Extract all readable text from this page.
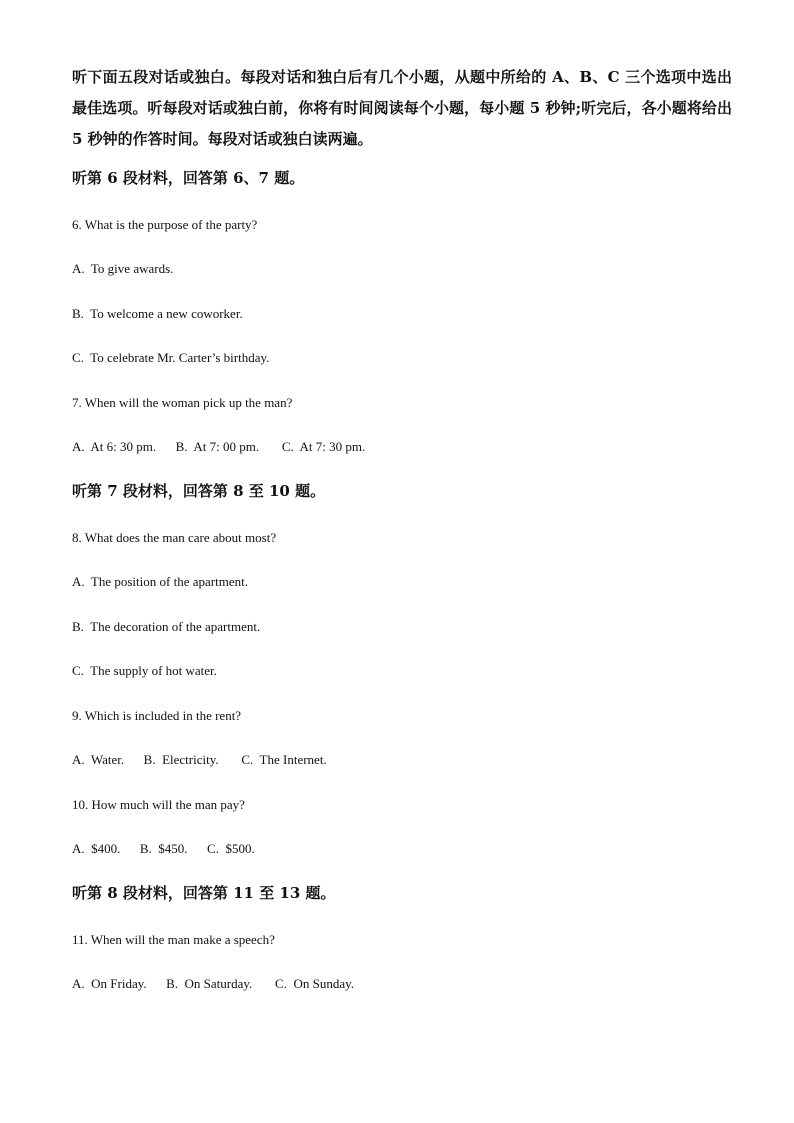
听下面五段对话或独白。每段对话和独白后有几个小题，从题中所给的 A、B、C 三个选项中选出最佳选项。听每段对话或独白前，你将有时间阅读每个小题，每小题 5 秒钟;听完后，各小题将给出 5 秒钟的作答时间。每段对话或独白读两遍。

听第 6 段材料，回答第 6、7 题。

6. What is the purpose of the party?

A.  To give awards.

B.  To welcome a new coworker.

C.  To celebrate Mr. Carter’s birthday.

7. When will the woman pick up the man?

A.  At 6: 30 pm.      B.  At 7: 00 pm.       C.  At 7: 30 pm.

听第 7 段材料，回答第 8 至 10 题。

8. What does the man care about most?

A.  The position of the apartment.

B.  The decoration of the apartment.

C.  The supply of hot water.

9. Which is included in the rent?

A.  Water.      B.  Electricity.       C.  The Internet.

10. How much will the man pay?

A.  $400.      B.  $450.      C.  $500.

听第 8 段材料，回答第 11 至 13 题。

11. When will the man make a speech?

A.  On Friday.      B.  On Saturday.       C.  On Sunday.
